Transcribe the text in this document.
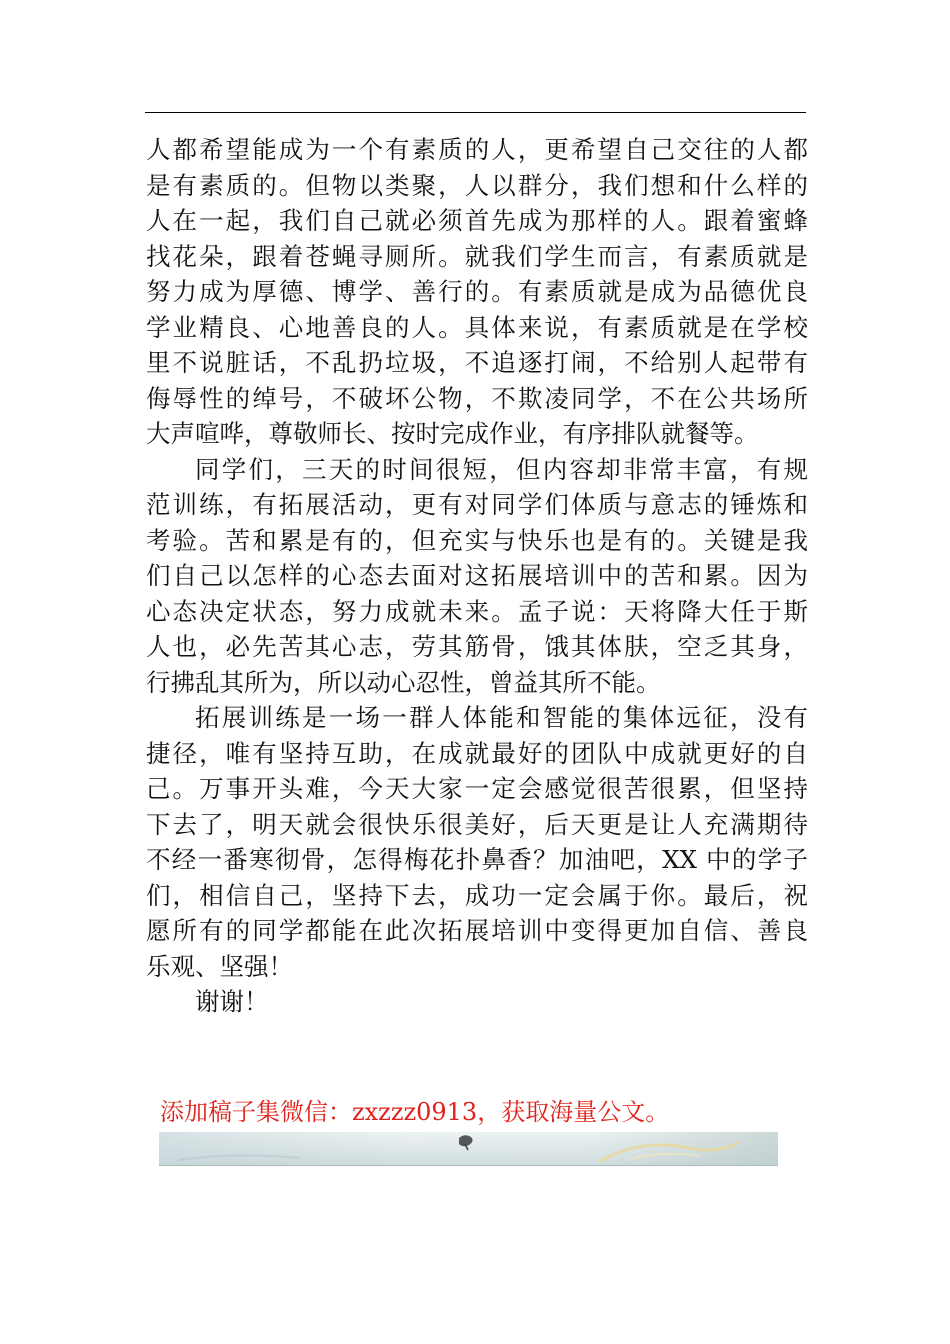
人都希望能成为一个有素质的人，更希望自己交往的人都
是有素质的。但物以类聚，人以群分，我们想和什么样的
人在一起，我们自己就必须首先成为那样的人。跟着蜜蜂
找花朵，跟着苍蝇寻厕所。就我们学生而言，有素质就是
努力成为厚德、博学、善行的。有素质就是成为品德优良
学业精良、心地善良的人。具体来说，有素质就是在学校
里不说脏话，不乱扔垃圾，不追逐打闹，不给别人起带有
侮辱性的绰号，不破坏公物，不欺凌同学，不在公共场所
大声喧哗，尊敬师长、按时完成作业，有序排队就餐等。
同学们，三天的时间很短，但内容却非常丰富，有规
范训练，有拓展活动，更有对同学们体质与意志的锤炼和
考验。苦和累是有的，但充实与快乐也是有的。关键是我
们自己以怎样的心态去面对这拓展培训中的苦和累。因为
心态决定状态，努力成就未来。孟子说：天将降大任于斯
人也，必先苦其心志，劳其筋骨，饿其体肤，空乏其身，
行拂乱其所为，所以动心忍性，曾益其所不能。
拓展训练是一场一群人体能和智能的集体远征，没有
捷径，唯有坚持互助，在成就最好的团队中成就更好的自
己。万事开头难，今天大家一定会感觉很苦很累，但坚持
下去了，明天就会很快乐很美好，后天更是让人充满期待
不经一番寒彻骨，怎得梅花扑鼻香？加油吧，XX 中的学子
们，相信自己，坚持下去，成功一定会属于你。最后，祝
愿所有的同学都能在此次拓展培训中变得更加自信、善良
乐观、坚强！
谢谢！
添加稿子集微信：zxzzz0913，获取海量公文。
